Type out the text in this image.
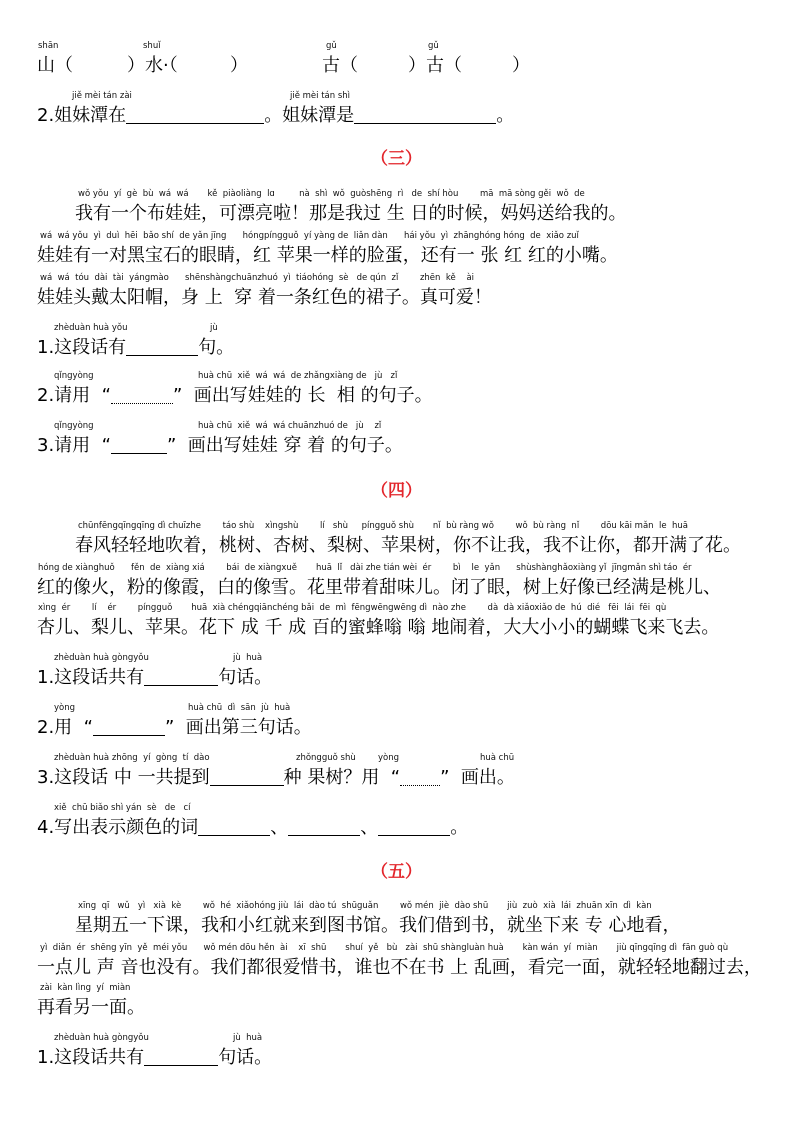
shān	shuǐ	gǔ	gǔ
山（	）水·（	）	古（	）古（	）
jiě mèi tán zài	jiě mèi tán shì
2.姐妹潭在	。姐妹潭是	。
（三）
wǒ yǒu  yí  gè  bù  wá  wá       kě  piàoliàng  lɑ         nà  shì  wǒ  guòshēng  rì   de  shí hòu        mā  mā sòng gěi  wǒ  de
我有一个布娃娃，可漂亮啦！那是我过 生 日的时候，妈妈送给我的。
wá  wá yǒu  yì  duì  hēi  bǎo shí  de yǎn jīng      hóngpíngguǒ  yí yàng de  liǎn dàn      hái yǒu  yì  zhānghóng hóng  de  xiǎo zuǐ
娃娃有一对黑宝石的眼睛，红 苹果一样的脸蛋，还有一 张 红 红的小嘴。
wá  wá  tóu  dài  tài  yángmào      shēnshàngchuānzhuó  yì  tiáohóng  sè   de qún  zǐ        zhēn  kě    ài
娃娃头戴太阳帽，身 上  穿 着一条红色的裙子。真可爱！
zhèduàn huà yǒu	jù
1.这段话有	句。
qǐngyòng	huà chū  xiě  wá  wá  de zhǎngxiàng de   jù   zǐ
2.请用  “	”  画出写娃娃的 长  相 的句子。
qǐngyòng	huà chū  xiě  wá  wá chuānzhuó de   jù    zǐ
3.请用  “	”  画出写娃娃 穿 着 的句子。
（四）
chūnfēngqīngqīng dì chuīzhe        táo shù    xìngshù        lí   shù     píngguǒ shù       nǐ  bù ràng wǒ        wǒ  bù ràng  nǐ        dōu kāi mǎn  le  huā
春风轻轻地吹着，桃树、杏树、梨树、苹果树，你不让我，我不让你，都开满了花。
hóng de xiànghuǒ      fěn  de  xiàng xiá        bái  de xiàngxuě       huā  lǐ   dài zhe tián wèi  ér        bì    le  yǎn      shùshànghǎoxiàng yǐ  jīngmǎn shì táo  ér
红的像火，粉的像霞，白的像雪。花里带着甜味儿。闭了眼，树上好像已经满是桃儿、
xìng  ér        lí    ér        píngguǒ       huā  xià chéngqiānchéng bǎi  de  mì  fēngwēngwēng dì  nào zhe        dà  dà xiǎoxiǎo de  hú  dié   fēi  lái  fēi  qù
杏儿、梨儿、苹果。花下 成 千 成 百的蜜蜂嗡 嗡 地闹着，大大小小的蝴蝶飞来飞去。
zhèduàn huà gòngyǒu	jù  huà
1.这段话共有	句话。
yòng	huà chū  dì  sān  jù  huà
2.用  “	”  画出第三句话。
zhèduàn huà zhōng  yí  gòng  tí  dào	zhǒngguǒ shù	yòng	huà chū
3.这段话 中 一共提到	种 果树？用  “ ”  画出。
xiě  chū biǎo shì yán  sè   de   cí
4.写出表示颜色的词	、	、	。
（五）
xīng  qī   wǔ   yì   xià  kè        wǒ  hé  xiǎohóng jiù  lái  dào tú  shūguǎn        wǒ mén  jiè  dào shū       jiù  zuò  xià  lái  zhuān xīn  dì  kàn
星期五一下课，我和小红就来到图书馆。我们借到书，就坐下来 专 心地看，
yì  diǎn  ér  shēng yīn  yě  méi yǒu      wǒ mén dōu hěn  ài    xī  shū       shuí  yě   bù   zài  shū shàngluàn huà       kàn wán  yí  miàn       jiù qīngqīng dì  fān guò qù
一点儿 声 音也没有。我们都很爱惜书，谁也不在书 上 乱画，看完一面，就轻轻地翻过去，
zài  kàn lìng  yí  miàn
再看另一面。
zhèduàn huà gòngyǒu	jù  huà
1.这段话共有	句话。
